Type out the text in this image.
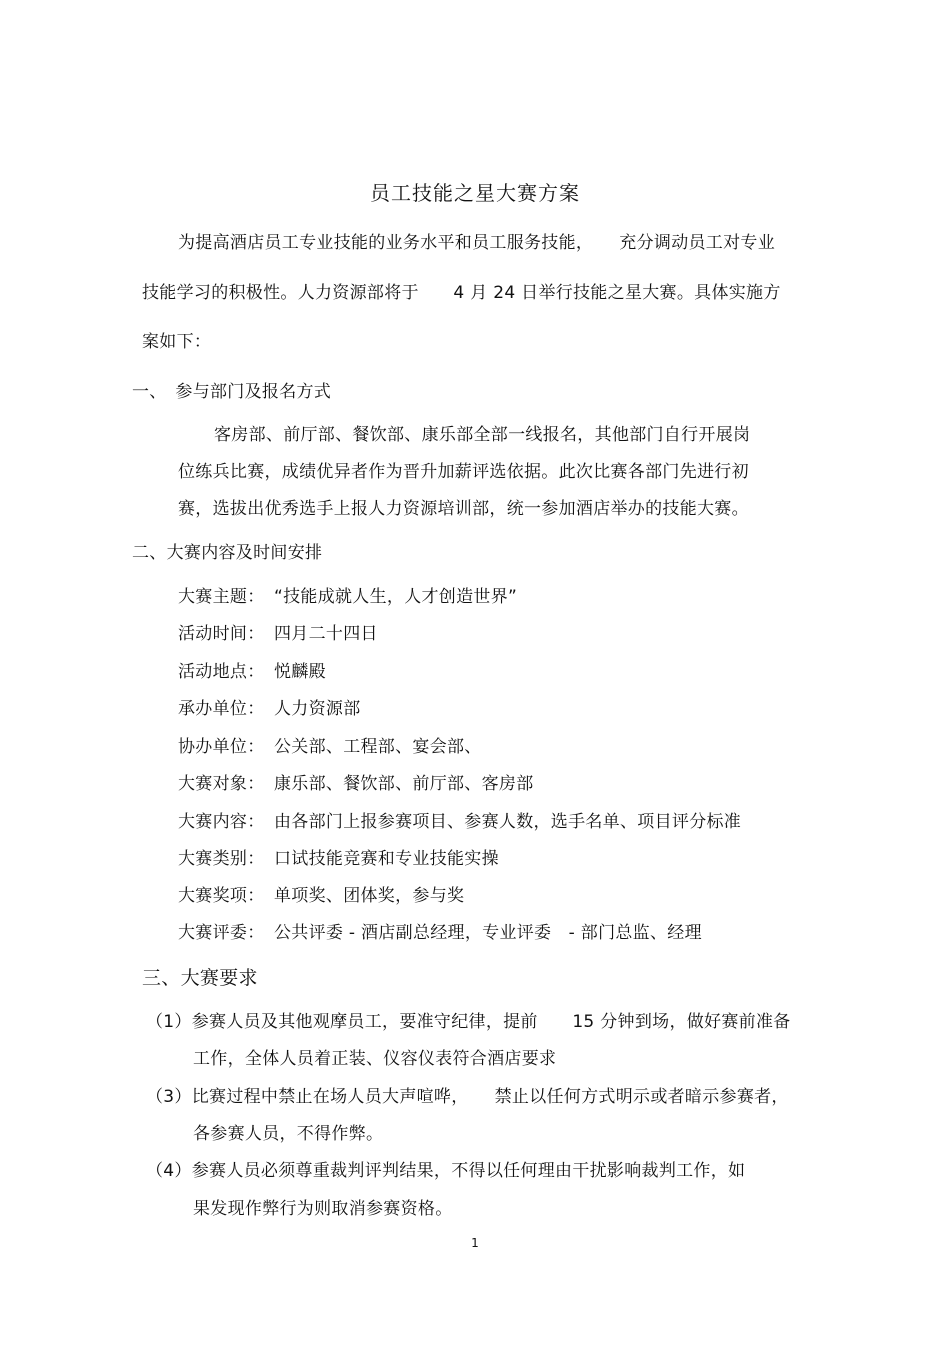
员工技能之星大赛方案
为提高酒店员工专业技能的业务水平和员工服务技能，　　充分调动员工对专业
技能学习的积极性。人力资源部将于　　4 月 24 日举行技能之星大赛。具体实施方
案如下：
一、　参与部门及报名方式
客房部、前厅部、餐饮部、康乐部全部一线报名，其他部门自行开展岗
位练兵比赛，成绩优异者作为晋升加薪评选依据。此次比赛各部门先进行初
赛，选拔出优秀选手上报人力资源培训部，统一参加酒店举办的技能大赛。
二、大赛内容及时间安排
大赛主题： “技能成就人生，人才创造世界”
活动时间： 四月二十四日
活动地点： 悦麟殿
承办单位： 人力资源部
协办单位： 公关部、工程部、宴会部、
大赛对象： 康乐部、餐饮部、前厅部、客房部
大赛内容： 由各部门上报参赛项目、参赛人数，选手名单、项目评分标准
大赛类别： 口试技能竞赛和专业技能实操
大赛奖项： 单项奖、团体奖，参与奖
大赛评委： 公共评委 - 酒店副总经理，专业评委　- 部门总监、经理
三、大赛要求
（1）参赛人员及其他观摩员工，要准守纪律，提前　　15 分钟到场，做好赛前准备
工作，全体人员着正装、仪容仪表符合酒店要求
（3）比赛过程中禁止在场人员大声喧哗，　　禁止以任何方式明示或者暗示参赛者，
各参赛人员，不得作弊。
（4）参赛人员必须尊重裁判评判结果，不得以任何理由干扰影响裁判工作，如
果发现作弊行为则取消参赛资格。
1
